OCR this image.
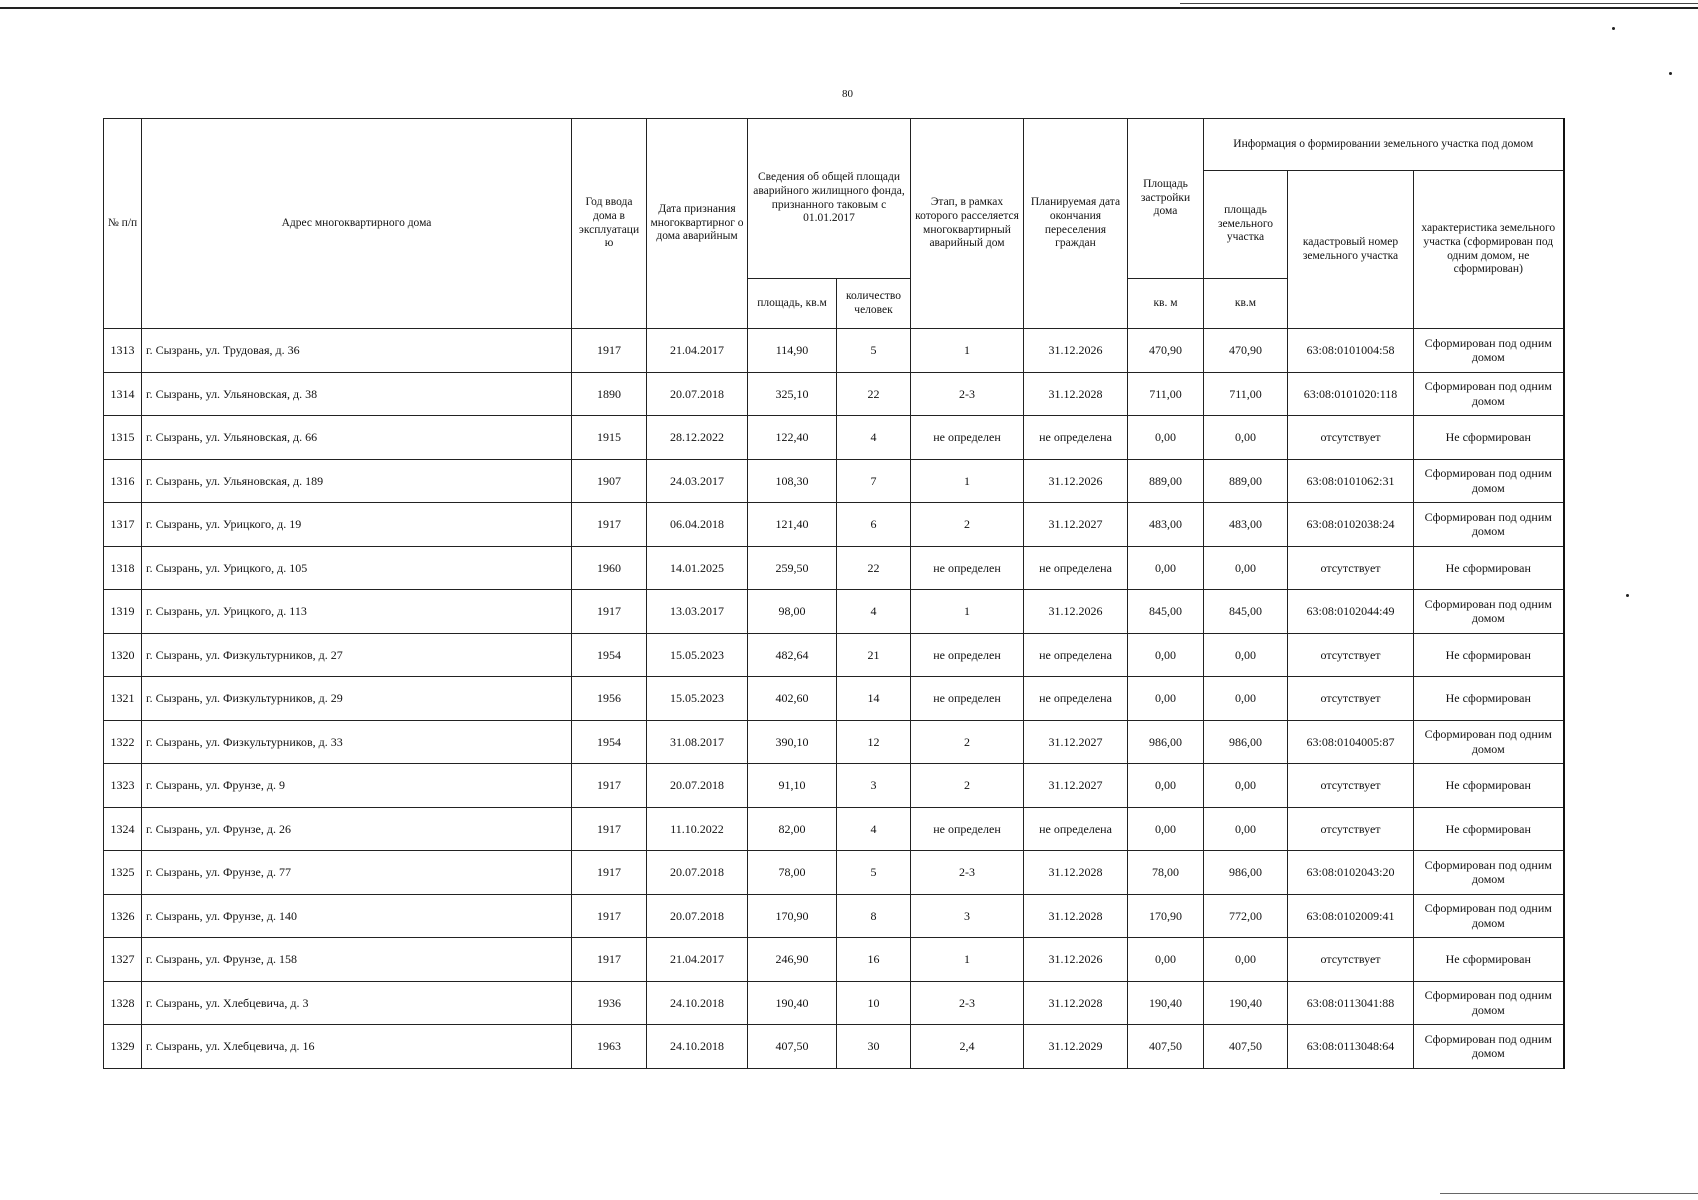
80
№ п/п	Адрес многоквартирного дома	Год ввода дома в эксплуатаци ю	Дата признания многоквартирног о дома аварийным	Сведения об общей площади аварийного жилищного фонда, признанного таковым с 01.01.2017		Этап, в рамках которого расселяется многоквартирный аварийный дом	Планируемая дата окончания переселения граждан	Площадь застройки дома	Информация о формировании земельного участка под домом		
									площадь земельного участка	кадастровый номер земельного участка	характеристика земельного участка (сформирован под одним домом, не сформирован)
				площадь, кв.м	количество человек			кв. м	кв.м		
1313	г. Сызрань, ул. Трудовая, д. 36	1917	21.04.2017	114,90	5	1	31.12.2026	470,90	470,90	63:08:0101004:58	Сформирован под одним домом
1314	г. Сызрань, ул. Ульяновская, д. 38	1890	20.07.2018	325,10	22	2-3	31.12.2028	711,00	711,00	63:08:0101020:118	Сформирован под одним домом
1315	г. Сызрань, ул. Ульяновская, д. 66	1915	28.12.2022	122,40	4	не определен	не определена	0,00	0,00	отсутствует	Не сформирован
1316	г. Сызрань, ул. Ульяновская, д. 189	1907	24.03.2017	108,30	7	1	31.12.2026	889,00	889,00	63:08:0101062:31	Сформирован под одним домом
1317	г. Сызрань, ул. Урицкого, д. 19	1917	06.04.2018	121,40	6	2	31.12.2027	483,00	483,00	63:08:0102038:24	Сформирован под одним домом
1318	г. Сызрань, ул. Урицкого, д. 105	1960	14.01.2025	259,50	22	не определен	не определена	0,00	0,00	отсутствует	Не сформирован
1319	г. Сызрань, ул. Урицкого, д. 113	1917	13.03.2017	98,00	4	1	31.12.2026	845,00	845,00	63:08:0102044:49	Сформирован под одним домом
1320	г. Сызрань, ул. Физкультурников, д. 27	1954	15.05.2023	482,64	21	не определен	не определена	0,00	0,00	отсутствует	Не сформирован
1321	г. Сызрань, ул. Физкультурников, д. 29	1956	15.05.2023	402,60	14	не определен	не определена	0,00	0,00	отсутствует	Не сформирован
1322	г. Сызрань, ул. Физкультурников, д. 33	1954	31.08.2017	390,10	12	2	31.12.2027	986,00	986,00	63:08:0104005:87	Сформирован под одним домом
1323	г. Сызрань, ул. Фрунзе, д. 9	1917	20.07.2018	91,10	3	2	31.12.2027	0,00	0,00	отсутствует	Не сформирован
1324	г. Сызрань, ул. Фрунзе, д. 26	1917	11.10.2022	82,00	4	не определен	не определена	0,00	0,00	отсутствует	Не сформирован
1325	г. Сызрань, ул. Фрунзе, д. 77	1917	20.07.2018	78,00	5	2-3	31.12.2028	78,00	986,00	63:08:0102043:20	Сформирован под одним домом
1326	г. Сызрань, ул. Фрунзе, д. 140	1917	20.07.2018	170,90	8	3	31.12.2028	170,90	772,00	63:08:0102009:41	Сформирован под одним домом
1327	г. Сызрань, ул. Фрунзе, д. 158	1917	21.04.2017	246,90	16	1	31.12.2026	0,00	0,00	отсутствует	Не сформирован
1328	г. Сызрань, ул. Хлебцевича, д. 3	1936	24.10.2018	190,40	10	2-3	31.12.2028	190,40	190,40	63:08:0113041:88	Сформирован под одним домом
1329	г. Сызрань, ул. Хлебцевича, д. 16	1963	24.10.2018	407,50	30	2,4	31.12.2029	407,50	407,50	63:08:0113048:64	Сформирован под одним домом
